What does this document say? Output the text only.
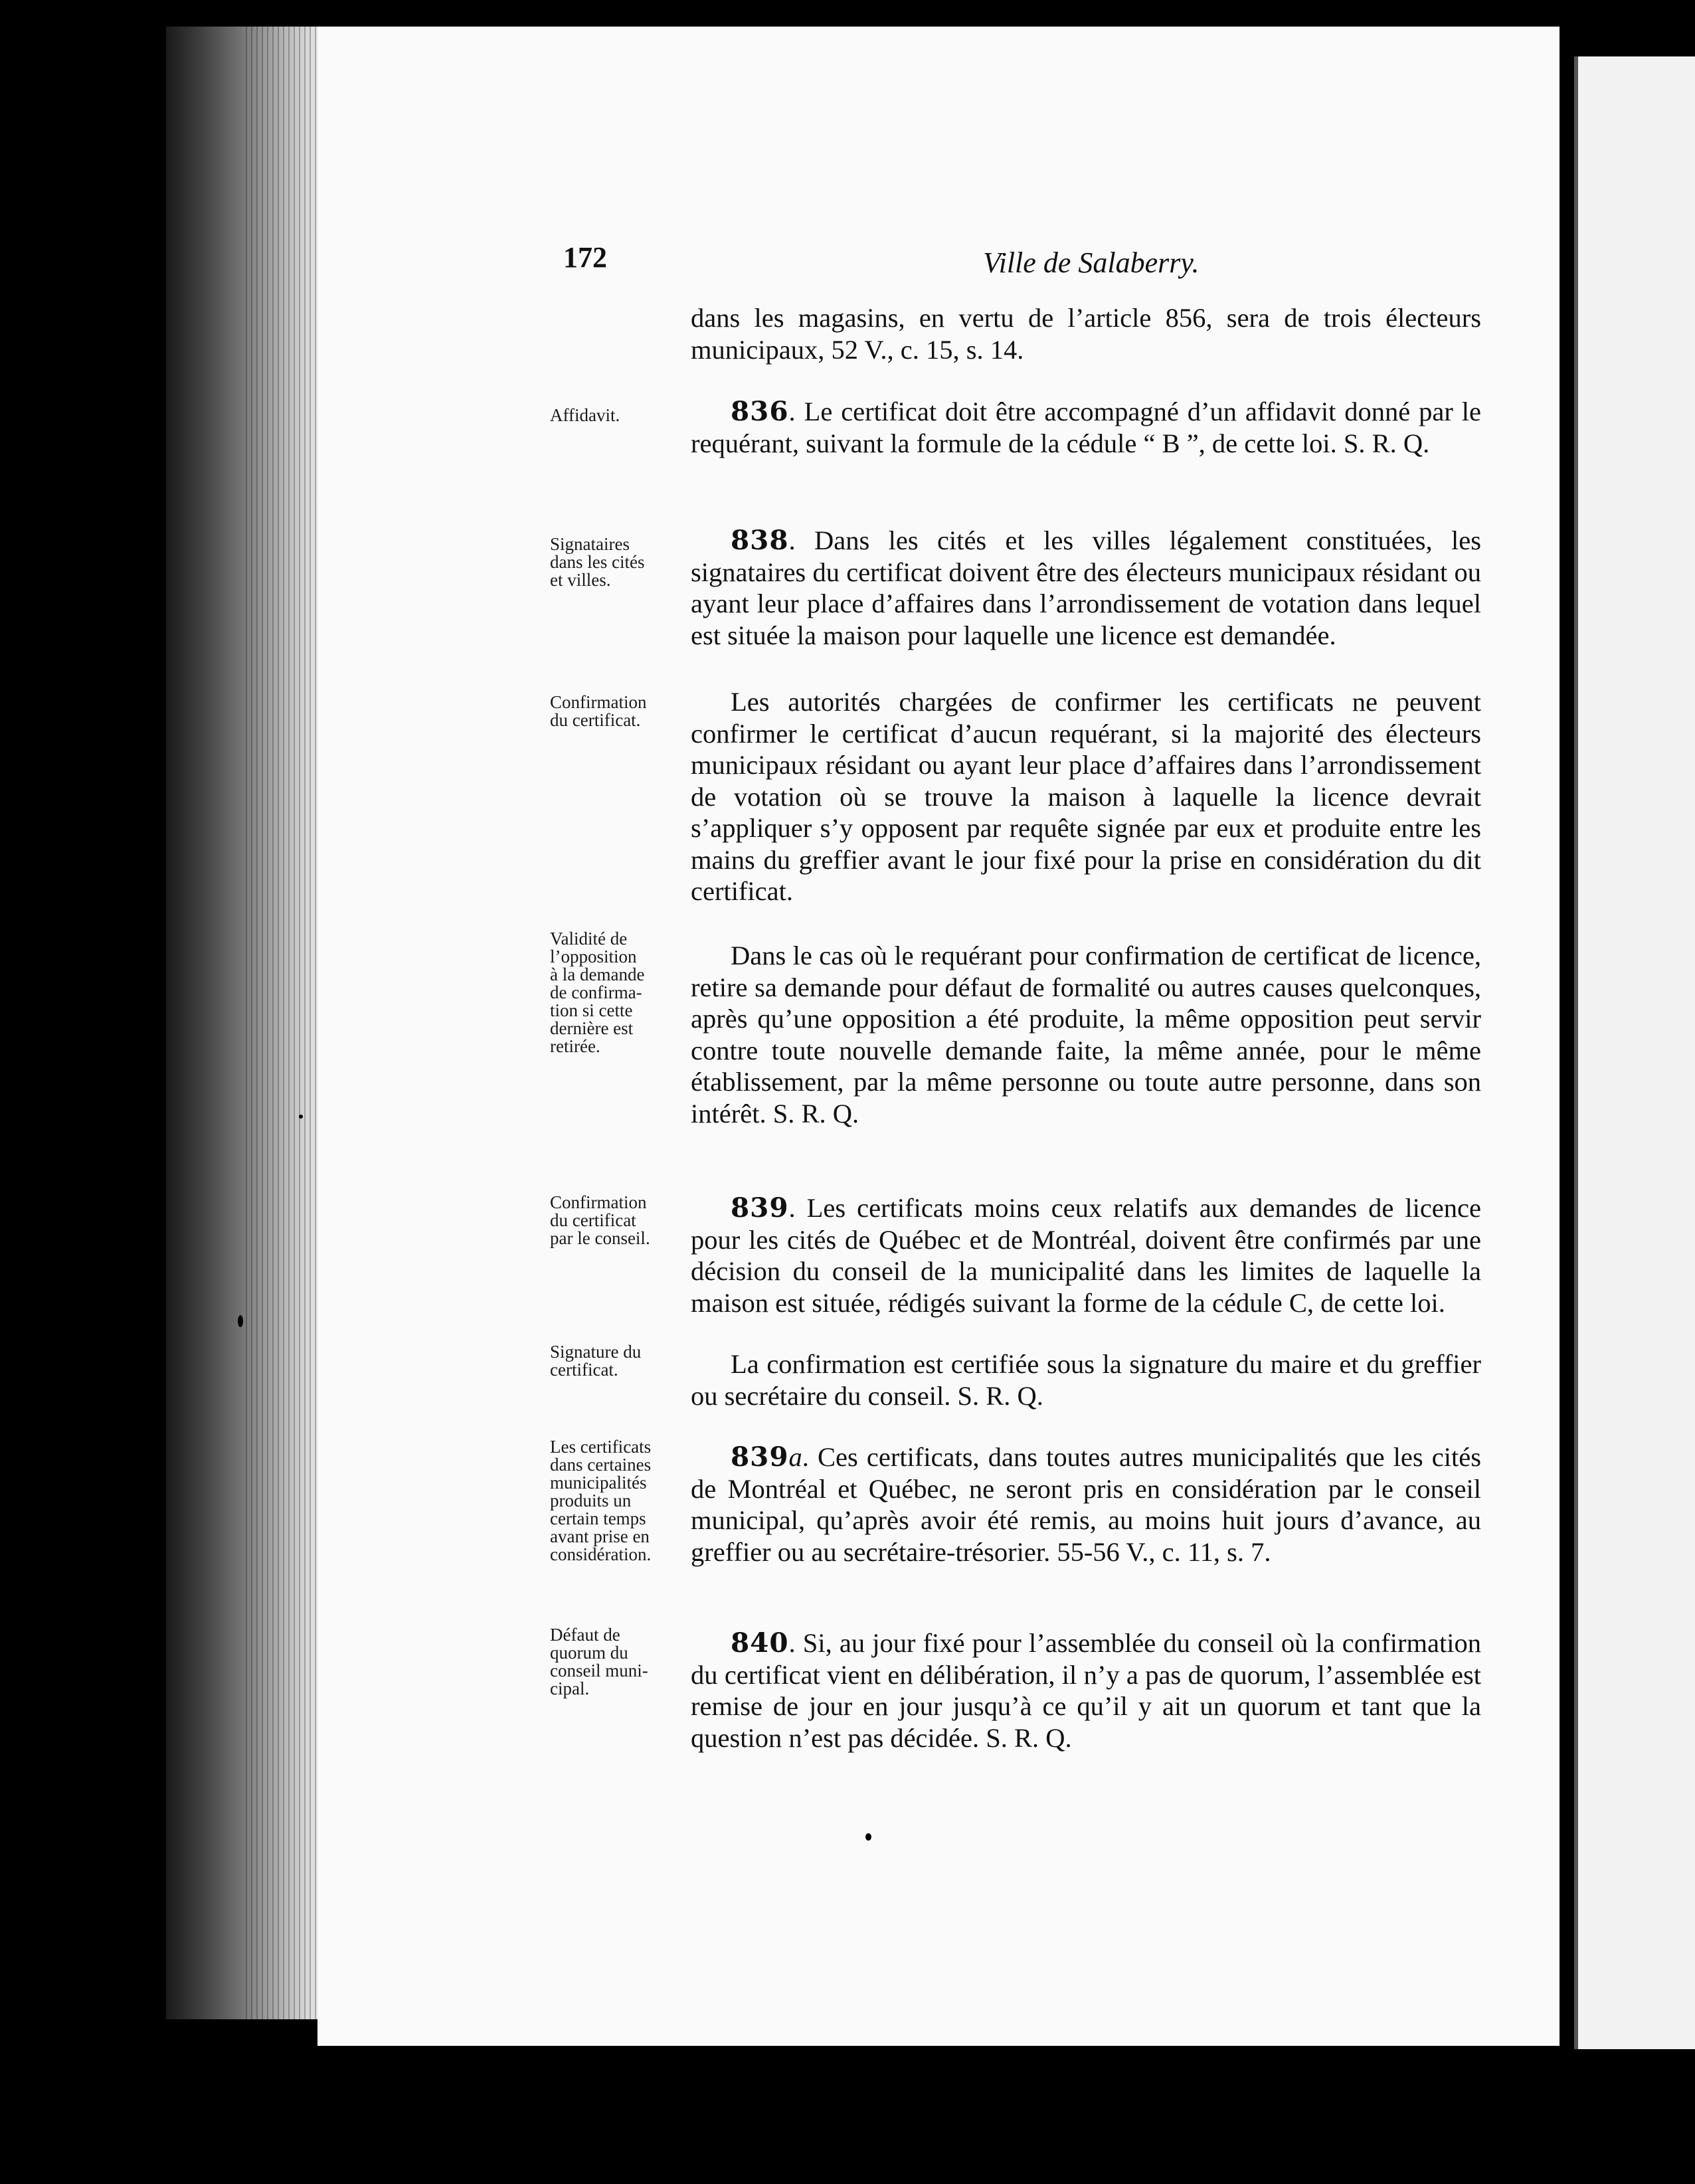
172	Ville de Salaberry.

dans les magasins, en vertu de l’article 856, sera de trois électeurs municipaux, 52 V., c. 15, s. 14.

Affidavit.	836. Le certificat doit être accompagné d’un affidavit donné par le requérant, suivant la formule de la cédule “ B ”, de cette loi. S. R. Q.

Signataires
dans les cités
et villes.

838. Dans les cités et les villes légalement constituées, les signataires du certificat doivent être des électeurs municipaux résidant ou ayant leur place d’affaires dans l’arrondissement de votation dans lequel est située la maison pour laquelle une licence est demandée.

Confirmation
du certificat.

Les autorités chargées de confirmer les certificats ne peuvent confirmer le certificat d’aucun requérant, si la majorité des électeurs municipaux résidant ou ayant leur place d’affaires dans l’arrondissement de votation où se trouve la maison à laquelle la licence devrait s’appliquer s’y opposent par requête signée par eux et produite entre les mains du greffier avant le jour fixé pour la prise en considération du dit certificat.

Validité de
l’opposition
à la demande
de confirma-
tion si cette
dernière est
retirée.

Dans le cas où le requérant pour confirmation de certificat de licence, retire sa demande pour défaut de formalité ou autres causes quelconques, après qu’une opposition a été produite, la même opposition peut servir contre toute nouvelle demande faite, la même année, pour le même établissement, par la même personne ou toute autre personne, dans son intérêt. S. R. Q.

Confirmation
du certificat
par le conseil.

839. Les certificats moins ceux relatifs aux demandes de licence pour les cités de Québec et de Montréal, doivent être confirmés par une décision du conseil de la municipalité dans les limites de laquelle la maison est située, rédigés suivant la forme de la cédule C, de cette loi.

Signature du
certificat.	La confirmation est certifiée sous la signature du maire et du greffier ou secrétaire du conseil. S. R. Q.

Les certificats
dans certaines
municipalités
produits un
certain temps
avant prise en
considération.

839a. Ces certificats, dans toutes autres municipalités que les cités de Montréal et Québec, ne seront pris en considération par le conseil municipal, qu’après avoir été remis, au moins huit jours d’avance, au greffier ou au secrétaire-trésorier. 55-56 V., c. 11, s. 7.

Défaut de
quorum du
conseil muni-
cipal.

840. Si, au jour fixé pour l’assemblée du conseil où la confirmation du certificat vient en délibération, il n’y a pas de quorum, l’assemblée est remise de jour en jour jusqu’à ce qu’il y ait un quorum et tant que la question n’est pas décidée. S. R. Q.
